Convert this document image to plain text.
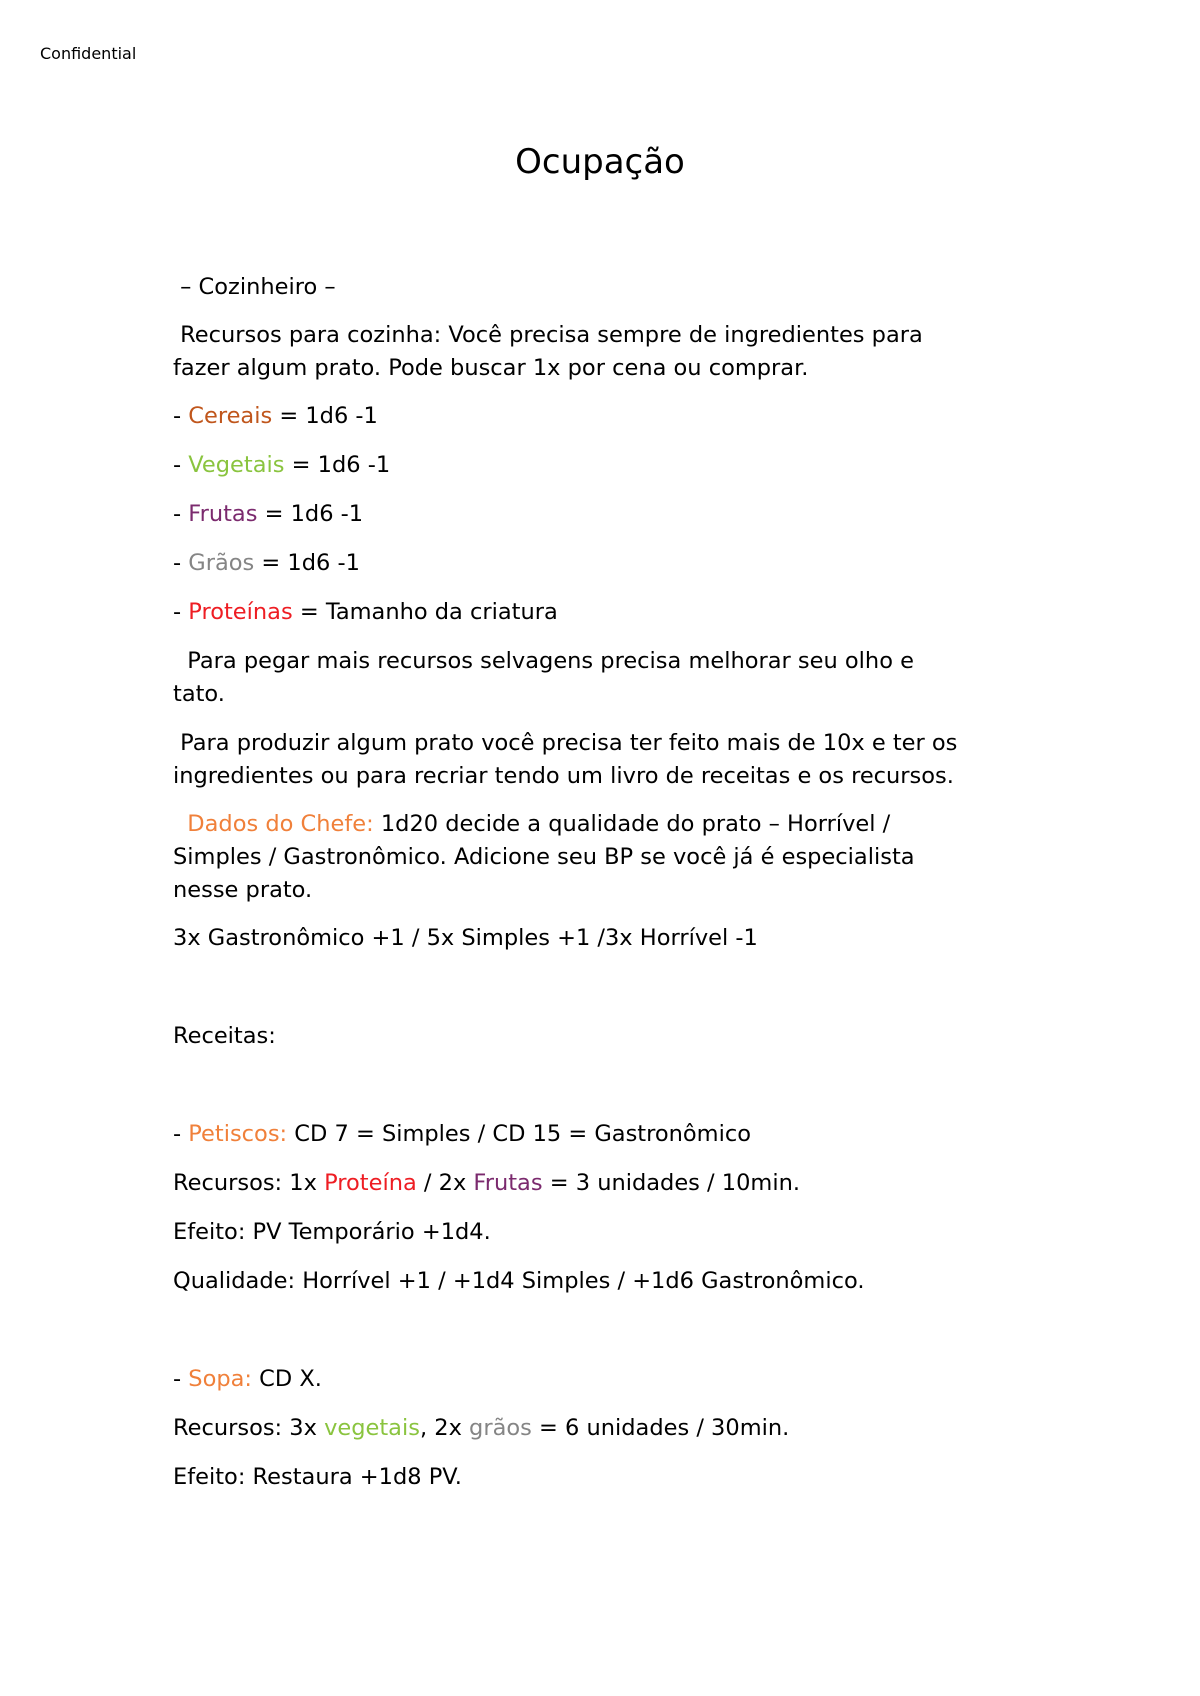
Confidential
Ocupação
– Cozinheiro –
Recursos para cozinha: Você precisa sempre de ingredientes para
fazer algum prato. Pode buscar 1x por cena ou comprar.
- Cereais = 1d6 -1
- Vegetais = 1d6 -1
- Frutas = 1d6 -1
- Grãos = 1d6 -1
- Proteínas = Tamanho da criatura
Para pegar mais recursos selvagens precisa melhorar seu olho e
tato.
Para produzir algum prato você precisa ter feito mais de 10x e ter os
ingredientes ou para recriar tendo um livro de receitas e os recursos.
Dados do Chefe: 1d20 decide a qualidade do prato – Horrível /
Simples / Gastronômico. Adicione seu BP se você já é especialista
nesse prato.
3x Gastronômico +1 / 5x Simples +1 /3x Horrível -1
Receitas:
- Petiscos: CD 7 = Simples / CD 15 = Gastronômico
Recursos: 1x Proteína / 2x Frutas = 3 unidades / 10min.
Efeito: PV Temporário +1d4.
Qualidade: Horrível +1 / +1d4 Simples / +1d6 Gastronômico.
- Sopa: CD X.
Recursos: 3x vegetais, 2x grãos = 6 unidades / 30min.
Efeito: Restaura +1d8 PV.
